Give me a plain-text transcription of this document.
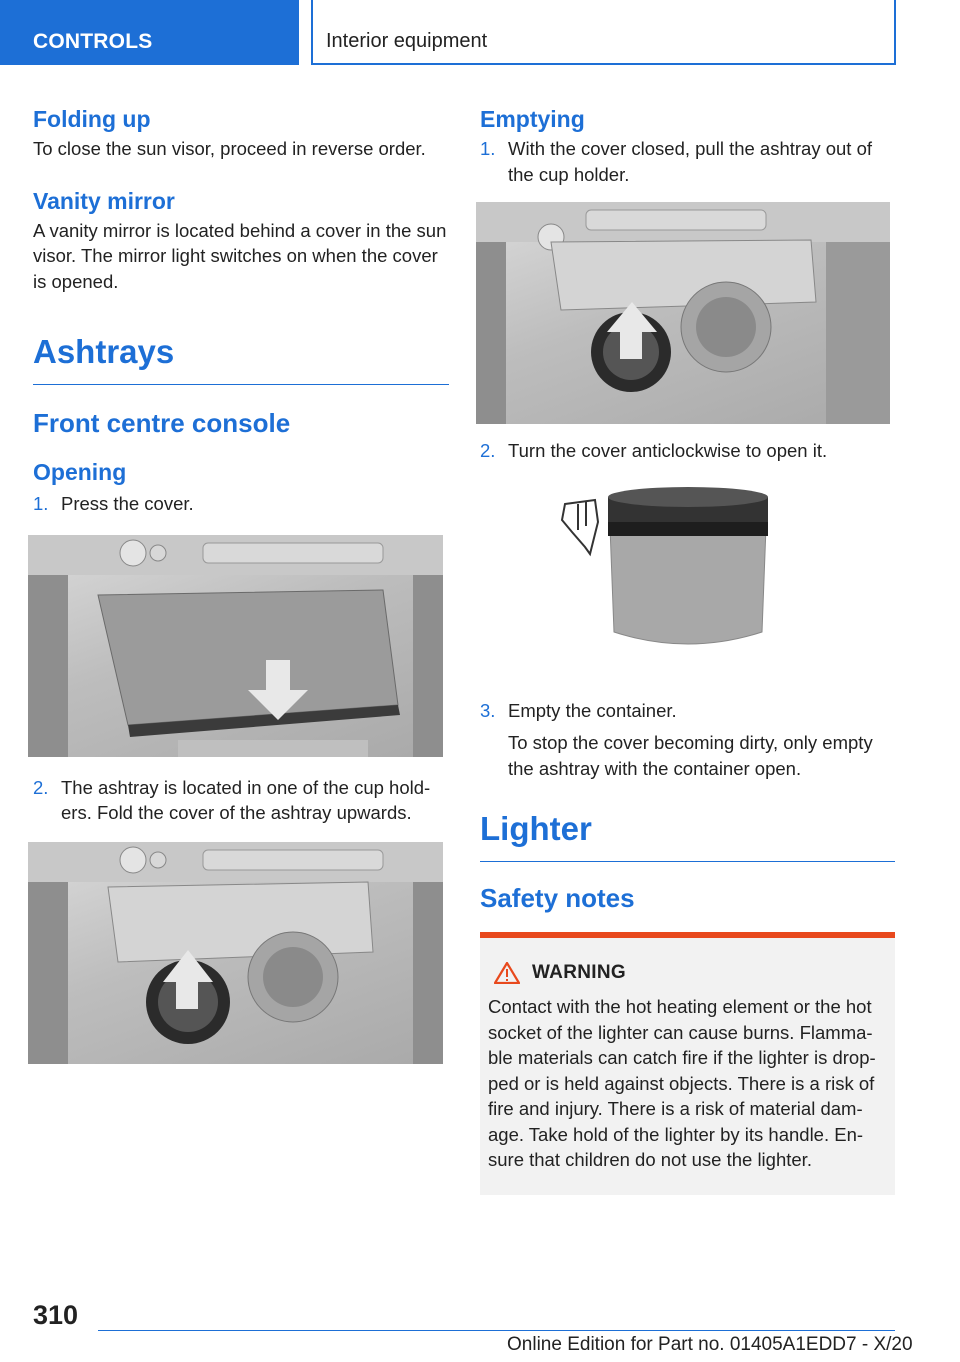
CONTROLS	Interior equipment
Folding up

To close the sun visor, proceed in reverse order.

Vanity mirror

A vanity mirror is located behind a cover in the sun visor. The mirror light switches on when the cover is opened.

Ashtrays
Front centre console
Opening
1. Press the cover.
2. The ashtray is located in one of the cup holders. Fold the cover of the ashtray upwards.
Emptying
1. With the cover closed, pull the ashtray out of the cup holder.
2. Turn the cover anticlockwise to open it.
3. Empty the container.

To stop the cover becoming dirty, only empty the ashtray with the container open.

Lighter
Safety notes
WARNING

Contact with the hot heating element or the hot socket of the lighter can cause burns. Flammable materials can catch fire if the lighter is dropped or is held against objects. There is a risk of fire and injury. There is a risk of material damage. Take hold of the lighter by its handle. Ensure that children do not use the lighter.

310
Online Edition for Part no. 01405A1EDD7 - X/20
